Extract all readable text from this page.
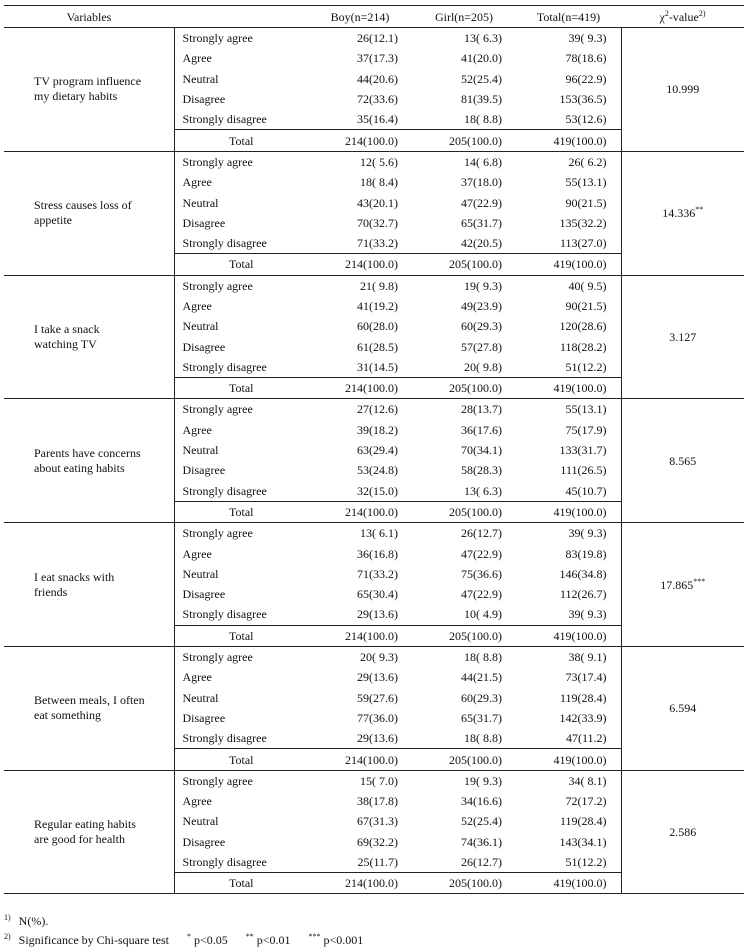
Variables		Boy(n=214)	Girl(n=205)	Total(n=419)	$\chi^2-value^{2)}$
TV program influence my dietary habits	Strongly agree	26(12.1)	13( 6.3)	39( 9.3)	10.999
	Agree	37(17.3)	41(20.0)	78(18.6)	
	Neutral	44(20.6)	52(25.4)	96(22.9)	
	Disagree	72(33.6)	81(39.5)	153(36.5)	
	Strongly disagree	35(16.4)	18( 8.8)	53(12.6)	
	Total	214(100.0)	205(100.0)	419(100.0)	
Stress causes loss of appetite	Strongly agree	12( 5.6)	14( 6.8)	26( 6.2)	14.336**
	Agree	18( 8.4)	37(18.0)	55(13.1)	
	Neutral	43(20.1)	47(22.9)	90(21.5)	
	Disagree	70(32.7)	65(31.7)	135(32.2)	
	Strongly disagree	71(33.2)	42(20.5)	113(27.0)	
	Total	214(100.0)	205(100.0)	419(100.0)	
I take a snack watching TV	Strongly agree	21( 9.8)	19( 9.3)	40( 9.5)	3.127
	Agree	41(19.2)	49(23.9)	90(21.5)	
	Neutral	60(28.0)	60(29.3)	120(28.6)	
	Disagree	61(28.5)	57(27.8)	118(28.2)	
	Strongly disagree	31(14.5)	20( 9.8)	51(12.2)	
	Total	214(100.0)	205(100.0)	419(100.0)	
Parents have concerns about eating habits	Strongly agree	27(12.6)	28(13.7)	55(13.1)	8.565
	Agree	39(18.2)	36(17.6)	75(17.9)	
	Neutral	63(29.4)	70(34.1)	133(31.7)	
	Disagree	53(24.8)	58(28.3)	111(26.5)	
	Strongly disagree	32(15.0)	13( 6.3)	45(10.7)	
	Total	214(100.0)	205(100.0)	419(100.0)	
I eat snacks with friends	Strongly agree	13( 6.1)	26(12.7)	39( 9.3)	17.865***
	Agree	36(16.8)	47(22.9)	83(19.8)	
	Neutral	71(33.2)	75(36.6)	146(34.8)	
	Disagree	65(30.4)	47(22.9)	112(26.7)	
	Strongly disagree	29(13.6)	10( 4.9)	39( 9.3)	
	Total	214(100.0)	205(100.0)	419(100.0)	
Between meals, I often eat something	Strongly agree	20( 9.3)	18( 8.8)	38( 9.1)	6.594
	Agree	29(13.6)	44(21.5)	73(17.4)	
	Neutral	59(27.6)	60(29.3)	119(28.4)	
	Disagree	77(36.0)	65(31.7)	142(33.9)	
	Strongly disagree	29(13.6)	18( 8.8)	47(11.2)	
	Total	214(100.0)	205(100.0)	419(100.0)	
Regular eating habits are good for health	Strongly agree	15( 7.0)	19( 9.3)	34( 8.1)	2.586
	Agree	38(17.8)	34(16.6)	72(17.2)	
	Neutral	67(31.3)	52(25.4)	119(28.4)	
	Disagree	69(32.2)	74(36.1)	143(34.1)	
	Strongly disagree	25(11.7)	26(12.7)	51(12.2)	
	Total	214(100.0)	205(100.0)	419(100.0)	
$^{1)}$ N(%).
$^{2)}$ Significance by Chi-square test * p<0.05 ** p<0.01 *** p<0.001
